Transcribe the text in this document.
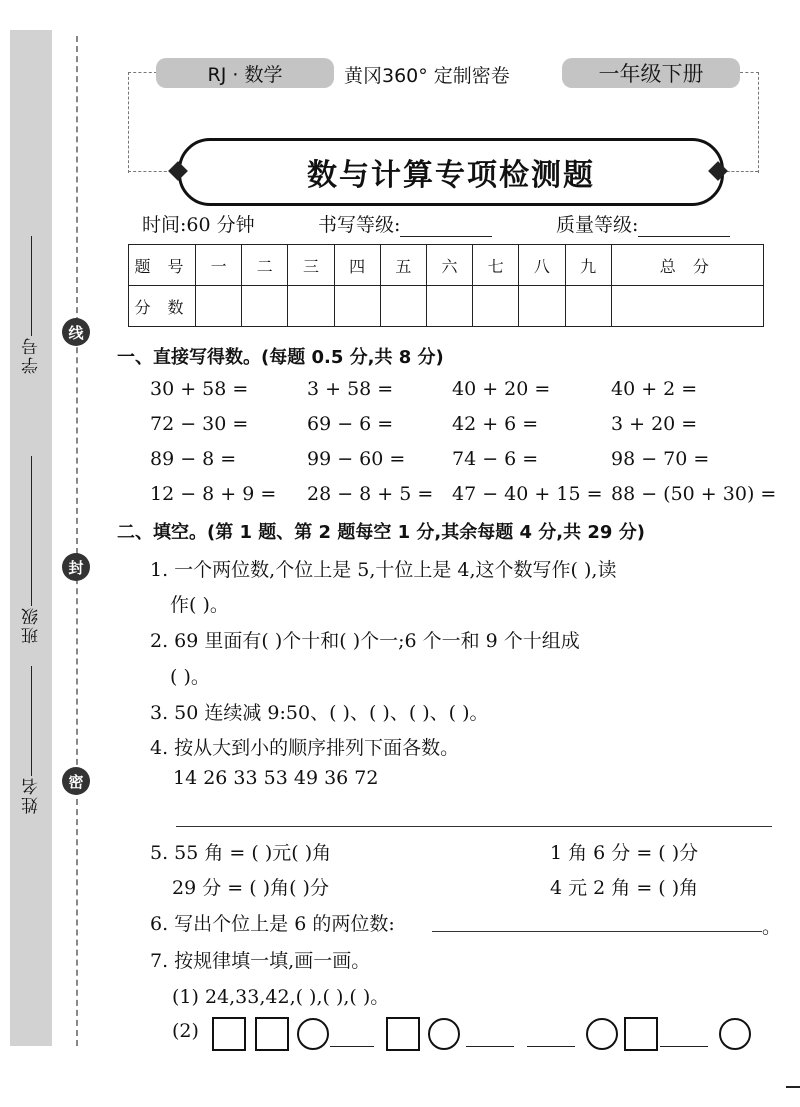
线
封
密
学号
班级
姓名
RJ · 数学	黄冈360° 定制密卷	一年级下册
数与计算专项检测题
时间:60 分钟	书写等级:	质量等级:
题 号	一	二	三	四	五	六	七	八	九	总 分
分 数										
一、直接写得数。(每题 0.5 分,共 8 分)
30 + 58 =	3 + 58 =	40 + 20 =	40 + 2 =
72 − 30 =	69 − 6 =	42 + 6 =	3 + 20 =
89 − 8 =	99 − 60 = 74 − 6 =	98 − 70 =
12 − 8 + 9 = 28 − 8 + 5 = 47 − 40 + 15 = 88 − (50 + 30) =
二、填空。(第 1 题、第 2 题每空 1 分,其余每题 4 分,共 29 分)
1. 一个两位数,个位上是 5,十位上是 4,这个数写作( ),读
作( )。
2. 69 里面有( )个十和( )个一;6 个一和 9 个十组成
( )。
3. 50 连续减 9:50、( )、( )、( )、( )。
4. 按从大到小的顺序排列下面各数。
14 26 33 53 49 36 72
5. 55 角 = ( )元( )角	1 角 6 分 = ( )分
29 分 = ( )角( )分	4 元 2 角 = ( )角
6. 写出个位上是 6 的两位数:	。
7. 按规律填一填,画一画。
(1) 24,33,42,( ),( ),( )。
(2)
